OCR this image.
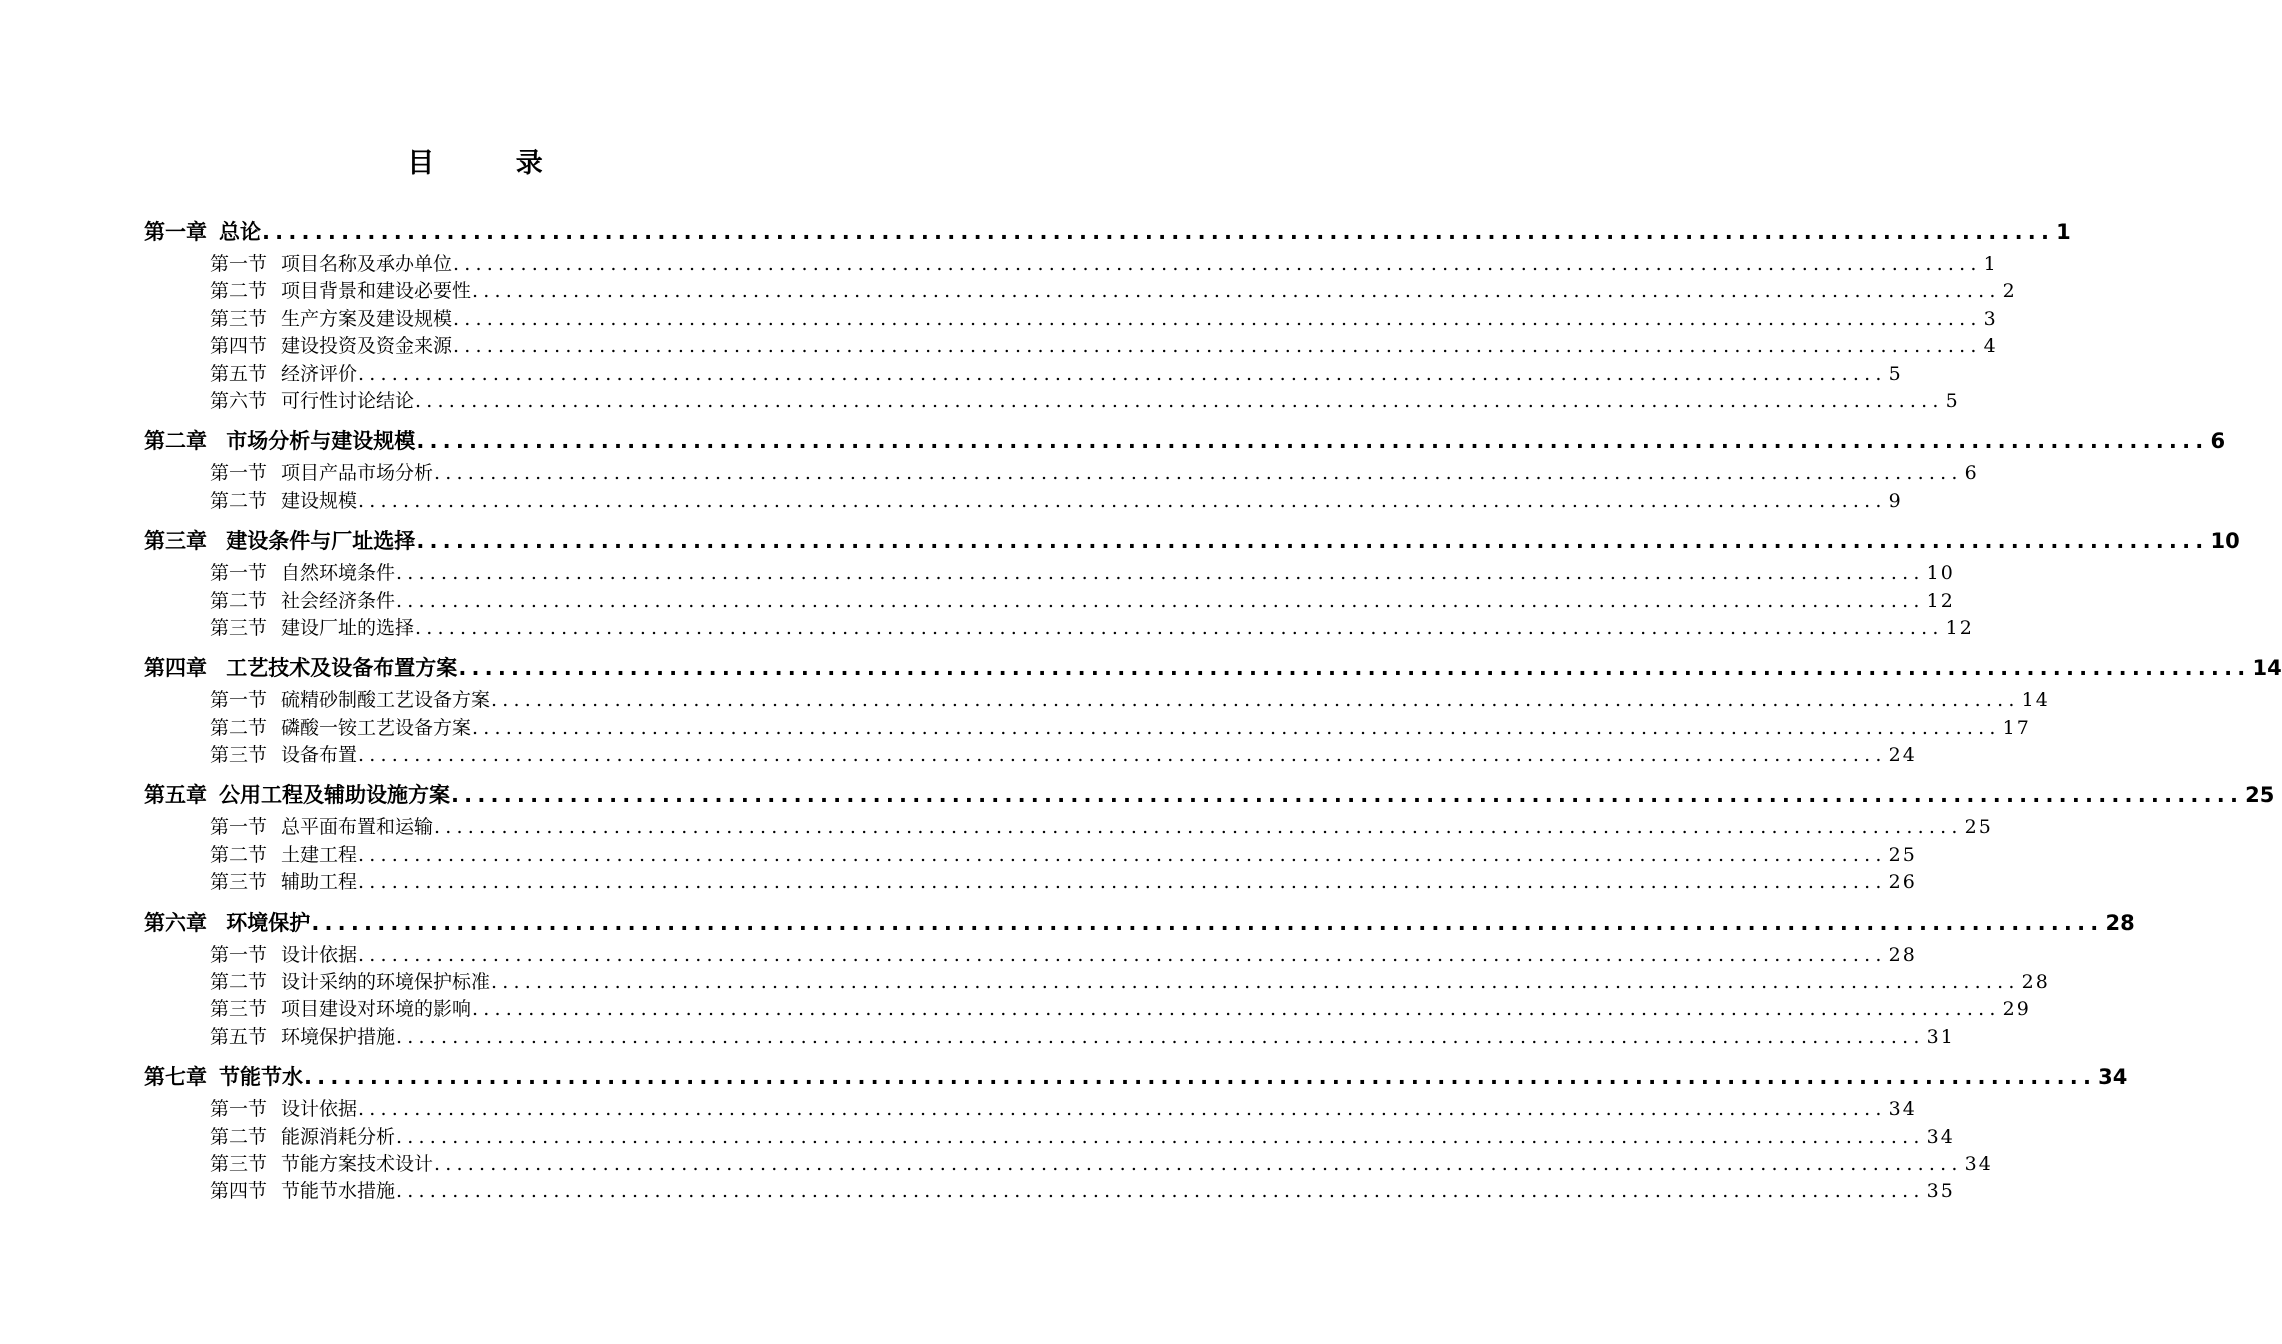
目 录
第一章 总论 .....	1
第一节 项目名称及承办单位 .....	1
第二节 项目背景和建设必要性 .....	2
第三节 生产方案及建设规模 .....	3
第四节 建设投资及资金来源 .....	4
第五节 经济评价 .....	5
第六节 可行性讨论结论 .....	5
第二章 市场分析与建设规模 .....	6
第一节 项目产品市场分析 .....	6
第二节 建设规模 .....	9
第三章 建设条件与厂址选择 .....	10
第一节 自然环境条件 .....	10
第二节 社会经济条件 .....	12
第三节 建设厂址的选择 .....	12
第四章 工艺技术及设备布置方案 .....	14
第一节 硫精砂制酸工艺设备方案 .....	14
第二节 磷酸一铵工艺设备方案 .....	17
第三节 设备布置 .....	24
第五章 公用工程及辅助设施方案 .....	25
第一节 总平面布置和运输 .....	25
第二节 土建工程 .....	25
第三节 辅助工程 .....	26
第六章 环境保护 .....	28
第一节 设计依据 .....	28
第二节 设计采纳的环境保护标准 .....	28
第三节 项目建设对环境的影响 .....	29
第五节 环境保护措施 .....	31
第七章 节能节水 .....	34
第一节 设计依据 .....	34
第二节 能源消耗分析 .....	34
第三节 节能方案技术设计 .....	34
第四节 节能节水措施 .....	35
